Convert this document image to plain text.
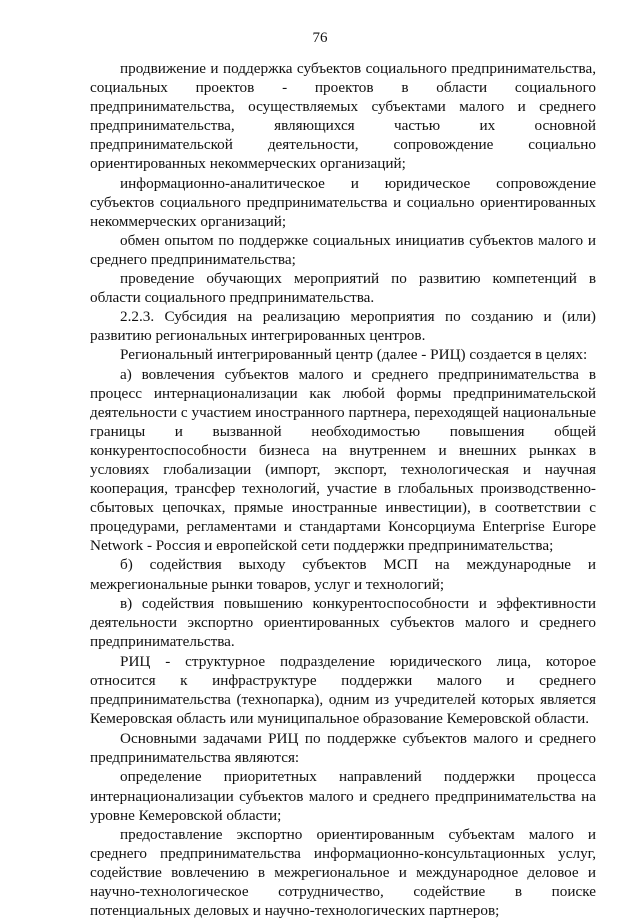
76

продвижение и поддержка субъектов социального предпринимательства, социальных проектов - проектов в области социального предпринимательства, осуществляемых субъектами малого и среднего предпринимательства, являющихся частью их основной предпринимательской деятельности, сопровождение социально ориентированных некоммерческих организаций;

информационно-аналитическое и юридическое сопровождение субъектов социального предпринимательства и социально ориентированных некоммерческих организаций;

обмен опытом по поддержке социальных инициатив субъектов малого и среднего предпринимательства;

проведение обучающих мероприятий по развитию компетенций в области социального предпринимательства.

2.2.3. Субсидия на реализацию мероприятия по созданию и (или) развитию региональных интегрированных центров.

Региональный интегрированный центр (далее - РИЦ) создается в целях:

а) вовлечения субъектов малого и среднего предпринимательства в процесс интернационализации как любой формы предпринимательской деятельности с участием иностранного партнера, переходящей национальные границы и вызванной необходимостью повышения общей конкурентоспособности бизнеса на внутреннем и внешних рынках в условиях глобализации (импорт, экспорт, технологическая и научная кооперация, трансфер технологий, участие в глобальных производственно-сбытовых цепочках, прямые иностранные инвестиции), в соответствии с процедурами, регламентами и стандартами Консорциума Enterprise Europe Network - Россия и европейской сети поддержки предпринимательства;

б) содействия выходу субъектов МСП на международные и межрегиональные рынки товаров, услуг и технологий;

в) содействия повышению конкурентоспособности и эффективности деятельности экспортно ориентированных субъектов малого и среднего предпринимательства.

РИЦ - структурное подразделение юридического лица, которое относится к инфраструктуре поддержки малого и среднего предпринимательства (технопарка), одним из учредителей которых является Кемеровская область или муниципальное образование Кемеровской области.

Основными задачами РИЦ по поддержке субъектов малого и среднего предпринимательства являются:

определение приоритетных направлений поддержки процесса интернационализации субъектов малого и среднего предпринимательства на уровне Кемеровской области;

предоставление экспортно ориентированным субъектам малого и среднего предпринимательства информационно-консультационных услуг, содействие вовлечению в межрегиональное и международное деловое и научно-технологическое сотрудничество, содействие в поиске потенциальных деловых и научно-технологических партнеров;
